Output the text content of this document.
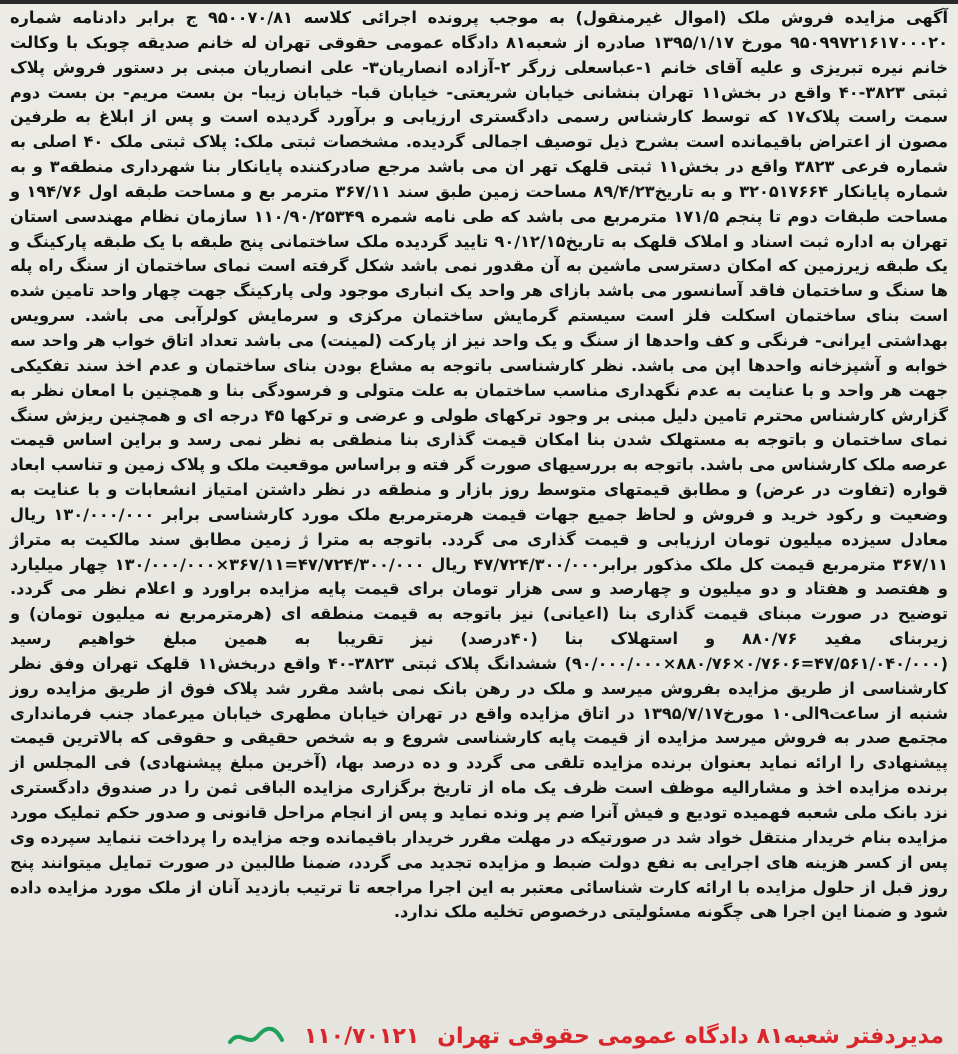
آگهی مزایده فروش ملک (اموال غیرمنقول) به موجب پرونده اجرائی کلاسه ۹۵۰۰۷۰/۸۱ ج برابر دادنامه شماره ۹۵۰۹۹۷۲۱۶۱۷۰۰۰۲۰ مورخ ۱۳۹۵/۱/۱۷ صادره از شعبه۸۱ دادگاه عمومی حقوقی تهران له خانم صدیقه چوبک با وکالت خانم نیره تبریزی و علیه آقای خانم ۱-عباسعلی زرگر ۲-آزاده انصاریان۳- علی انصاریان مبنی بر دستور فروش پلاک ثبتی ۳۸۲۳-۴۰ واقع در بخش۱۱ تهران بنشانی خیابان شریعتی- خیابان قبا- خیابان زیبا- بن بست مریم- بن بست دوم سمت راست پلاک۱۷ که توسط کارشناس رسمی دادگستری ارزیابی و برآورد گردیده است و پس از ابلاغ به طرفین مصون از اعتراض باقیمانده است بشرح ذیل توصیف اجمالی گردیده. مشخصات ثبتی ملک: پلاک ثبتی ملک ۴۰ اصلی به شماره فرعی ۳۸۲۳ واقع در بخش۱۱ ثبتی قلهک تهر ان می باشد مرجع صادرکننده پایانکار بنا شهرداری منطقه۳ و به شماره پایانکار ۳۲۰۵۱۷۶۶۴ و به تاریخ۸۹/۴/۲۳ مساحت زمین طبق سند ۳۶۷/۱۱ مترمر بع و مساحت طبقه اول ۱۹۴/۷۶ و مساحت طبقات دوم تا پنجم ۱۷۱/۵ مترمربع می باشد که طی نامه شمره ۱۱۰/۹۰/۲۵۳۴۹ سازمان نظام مهندسی استان تهران به اداره ثبت اسناد و املاک قلهک به تاریخ۹۰/۱۲/۱۵ تایید گردیده ملک ساختمانی پنج طبقه با یک طبقه پارکینگ و یک طبقه زیرزمین که امکان دسترسی ماشین به آن مقدور نمی باشد شکل گرفته است نمای ساختمان از سنگ راه پله ها سنگ و ساختمان فاقد آسانسور می باشد بازای هر واحد یک انباری موجود ولی پارکینگ جهت چهار واحد تامین شده است بنای ساختمان اسکلت فلز است سیستم گرمایش ساختمان مرکزی و سرمایش کولرآبی می باشد. سرویس بهداشتی ایرانی- فرنگی و کف واحدها از سنگ و یک واحد نیز از پارکت (لمینت) می باشد تعداد اتاق خواب هر واحد سه خوابه و آشپزخانه واحدها اپن می باشد. نظر کارشناسی باتوجه به مشاع بودن بنای ساختمان و عدم اخذ سند تفکیکی جهت هر واحد و با عنایت به عدم نگهداری مناسب ساختمان به علت متولی و فرسودگی بنا و همچنین با امعان نظر به گزارش کارشناس محترم تامین دلیل مبنی بر وجود ترکهای طولی و عرضی و ترکها ۴۵ درجه ای و همچنین ریزش سنگ نمای ساختمان و باتوجه به مستهلک شدن بنا امکان قیمت گذاری بنا منطقی به نظر نمی رسد و براین اساس قیمت عرصه ملک کارشناس می باشد. باتوجه به بررسیهای صورت گر فته و براساس موقعیت ملک و پلاک زمین و تناسب ابعاد قواره (تفاوت در عرض) و مطابق قیمتهای متوسط روز بازار و منطقه در نظر داشتن امتیاز انشعابات و با عنایت به وضعیت و رکود خرید و فروش و لحاظ جمیع جهات قیمت هرمترمربع ملک مورد کارشناسی برابر ۱۳۰/۰۰۰/۰۰۰ ریال معادل سیزده میلیون تومان ارزیابی و قیمت گذاری می گردد. باتوجه به مترا ژ زمین مطابق سند مالکیت به متراژ ۳۶۷/۱۱ مترمربع قیمت کل ملک مذکور برابر۴۷/۷۲۴/۳۰۰/۰۰۰ ریال ۴۷/۷۲۴/۳۰۰/۰۰۰=۳۶۷/۱۱×۱۳۰/۰۰۰/۰۰۰ چهار میلیارد و هفتصد و هفتاد و دو میلیون و چهارصد و سی هزار تومان برای قیمت پایه مزایده براورد و اعلام نظر می گردد. توضیح در صورت مبنای قیمت گذاری بنا (اعیانی) نیز باتوجه به قیمت منطقه ای (هرمترمربع نه میلیون تومان) و زیربنای مفید ۸۸۰/۷۶ و استهلاک بنا (۴۰درصد) نیز تقریبا به همین مبلغ خواهیم رسید (۴۷/۵۶۱/۰۴۰/۰۰۰=۰/۷۶۰۶×۸۸۰/۷۶×۹۰/۰۰۰/۰۰۰) ششدانگ پلاک ثبتی ۳۸۲۳-۴۰ واقع دربخش۱۱ قلهک تهران وفق نظر کارشناسی از طریق مزایده بفروش میرسد و ملک در رهن بانک نمی باشد مقرر شد پلاک فوق از طریق مزایده روز شنبه از ساعت۹الی۱۰ مورخ۱۳۹۵/۷/۱۷ در اتاق مزایده واقع در تهران خیابان مطهری خیابان میرعماد جنب فرمانداری مجتمع صدر به فروش میرسد مزایده از قیمت پایه کارشناسی شروع و به شخص حقیقی و حقوقی که بالاترین قیمت پیشنهادی را ارائه نماید بعنوان برنده مزایده تلقی می گردد و ده درصد بها، (آخرین مبلغ پیشنهادی) فی المجلس از برنده مزایده اخذ و مشارالیه موظف است ظرف یک ماه از تاریخ برگزاری مزایده الباقی ثمن را در صندوق دادگستری نزد بانک ملی شعبه فهمیده تودیع و فیش آنرا ضم پر ونده نماید و پس از انجام مراحل قانونی و صدور حکم تملیک مورد مزایده بنام خریدار منتقل خواد شد در صورتیکه در مهلت مقرر خریدار باقیمانده وجه مزایده را پرداخت ننماید سپرده وی پس از کسر هزینه های اجرایی به نفع دولت ضبط و مزایده تجدید می گردد، ضمنا طالبین در صورت تمایل میتوانند پنج روز قبل از حلول مزایده با ارائه کارت شناسائی معتبر به این اجرا مراجعه تا ترتیب بازدید آنان از ملک مورد مزایده داده شود و ضمنا این اجرا هی چگونه مسئولیتی درخصوص تخلیه ملک ندارد.

مدیردفتر شعبه۸۱ دادگاه عمومی حقوقی تهران
۱۱۰/۷۰۱۲۱
